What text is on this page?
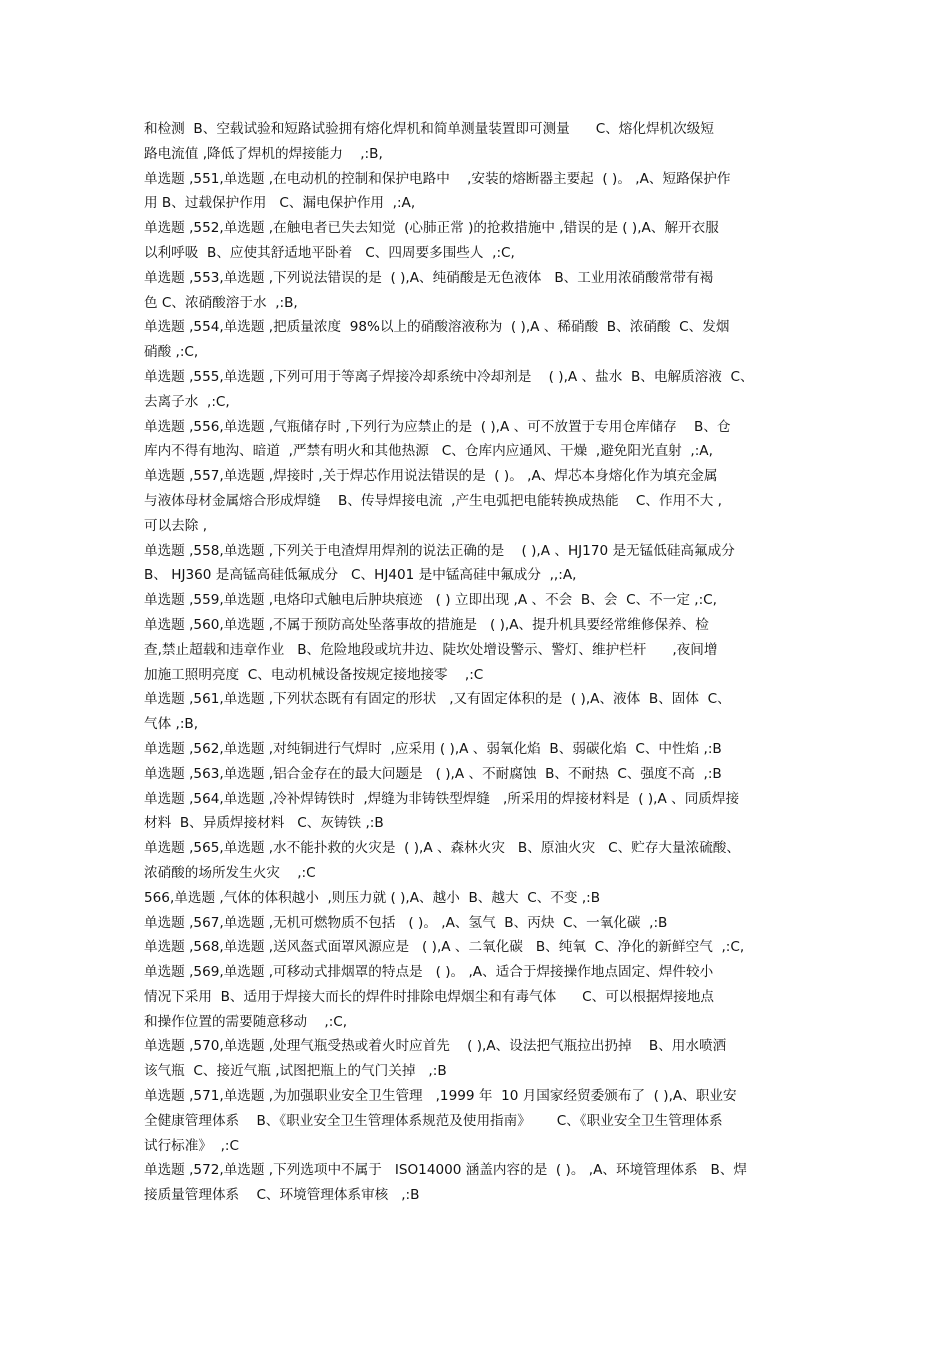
和检测  B、空载试验和短路试验拥有熔化焊机和简单测量装置即可测量      C、熔化焊机次级短
路电流值 ,降低了焊机的焊接能力    ,:B,
单选题 ,551,单选题 ,在电动机的控制和保护电路中    ,安装的熔断器主要起  ( )。 ,A、短路保护作
用 B、过载保护作用   C、漏电保护作用  ,:A,
单选题 ,552,单选题 ,在触电者已失去知觉  (心肺正常 )的抢救措施中 ,错误的是 ( ),A、解开衣服
以利呼吸  B、应使其舒适地平卧着   C、四周要多围些人  ,:C,
单选题 ,553,单选题 ,下列说法错误的是  ( ),A、纯硝酸是无色液体   B、工业用浓硝酸常带有褐
色 C、浓硝酸溶于水  ,:B,
单选题 ,554,单选题 ,把质量浓度  98%以上的硝酸溶液称为  ( ),A 、稀硝酸  B、浓硝酸  C、发烟
硝酸 ,:C,
单选题 ,555,单选题 ,下列可用于等离子焊接冷却系统中冷却剂是    ( ),A 、盐水  B、电解质溶液  C、
去离子水  ,:C,
单选题 ,556,单选题 ,气瓶储存时 ,下列行为应禁止的是  ( ),A 、可不放置于专用仓库储存    B、仓
库内不得有地沟、暗道  ,严禁有明火和其他热源   C、仓库内应通风、干燥  ,避免阳光直射  ,:A,
单选题 ,557,单选题 ,焊接时 ,关于焊芯作用说法错误的是  ( )。 ,A、焊芯本身熔化作为填充金属
与液体母材金属熔合形成焊缝    B、传导焊接电流  ,产生电弧把电能转换成热能    C、作用不大 ,
可以去除 ,
单选题 ,558,单选题 ,下列关于电渣焊用焊剂的说法正确的是    ( ),A 、HJ170 是无锰低硅高氟成分
B、 HJ360 是高锰高硅低氟成分   C、HJ401 是中锰高硅中氟成分  ,,:A,
单选题 ,559,单选题 ,电烙印式触电后肿块痕迹   ( ) 立即出现 ,A 、不会  B、会  C、不一定 ,:C,
单选题 ,560,单选题 ,不属于预防高处坠落事故的措施是   ( ),A、提升机具要经常维修保养、检
查,禁止超载和违章作业   B、危险地段或坑井边、陡坎处增设警示、警灯、维护栏杆      ,夜间增
加施工照明亮度  C、电动机械设备按规定接地接零    ,:C
单选题 ,561,单选题 ,下列状态既有有固定的形状   ,又有固定体积的是  ( ),A、液体  B、固体  C、
气体 ,:B,
单选题 ,562,单选题 ,对纯铜进行气焊时  ,应采用 ( ),A 、弱氧化焰  B、弱碳化焰  C、中性焰 ,:B
单选题 ,563,单选题 ,铝合金存在的最大问题是   ( ),A 、不耐腐蚀  B、不耐热  C、强度不高  ,:B
单选题 ,564,单选题 ,冷补焊铸铁时  ,焊缝为非铸铁型焊缝   ,所采用的焊接材料是  ( ),A 、同质焊接
材料  B、异质焊接材料   C、灰铸铁 ,:B
单选题 ,565,单选题 ,水不能扑救的火灾是  ( ),A 、森林火灾   B、原油火灾   C、贮存大量浓硫酸、
浓硝酸的场所发生火灾    ,:C
566,单选题 ,气体的体积越小  ,则压力就 ( ),A、越小  B、越大  C、不变 ,:B
单选题 ,567,单选题 ,无机可燃物质不包括   ( )。 ,A、氢气  B、丙炔  C、一氧化碳  ,:B
单选题 ,568,单选题 ,送风盔式面罩风源应是   ( ),A 、二氧化碳   B、纯氧  C、净化的新鲜空气  ,:C,
单选题 ,569,单选题 ,可移动式排烟罩的特点是   ( )。 ,A、适合于焊接操作地点固定、焊件较小
情况下采用  B、适用于焊接大而长的焊件时排除电焊烟尘和有毒气体      C、可以根据焊接地点
和操作位置的需要随意移动    ,:C,
单选题 ,570,单选题 ,处理气瓶受热或着火时应首先    ( ),A、设法把气瓶拉出扔掉    B、用水喷洒
该气瓶  C、接近气瓶 ,试图把瓶上的气门关掉   ,:B
单选题 ,571,单选题 ,为加强职业安全卫生管理   ,1999 年  10 月国家经贸委颁布了  ( ),A、职业安
全健康管理体系    B、《职业安全卫生管理体系规范及使用指南》      C、《职业安全卫生管理体系
试行标准》  ,:C
单选题 ,572,单选题 ,下列选项中不属于   ISO14000 涵盖内容的是  ( )。 ,A、环境管理体系   B、焊
接质量管理体系    C、环境管理体系审核   ,:B
